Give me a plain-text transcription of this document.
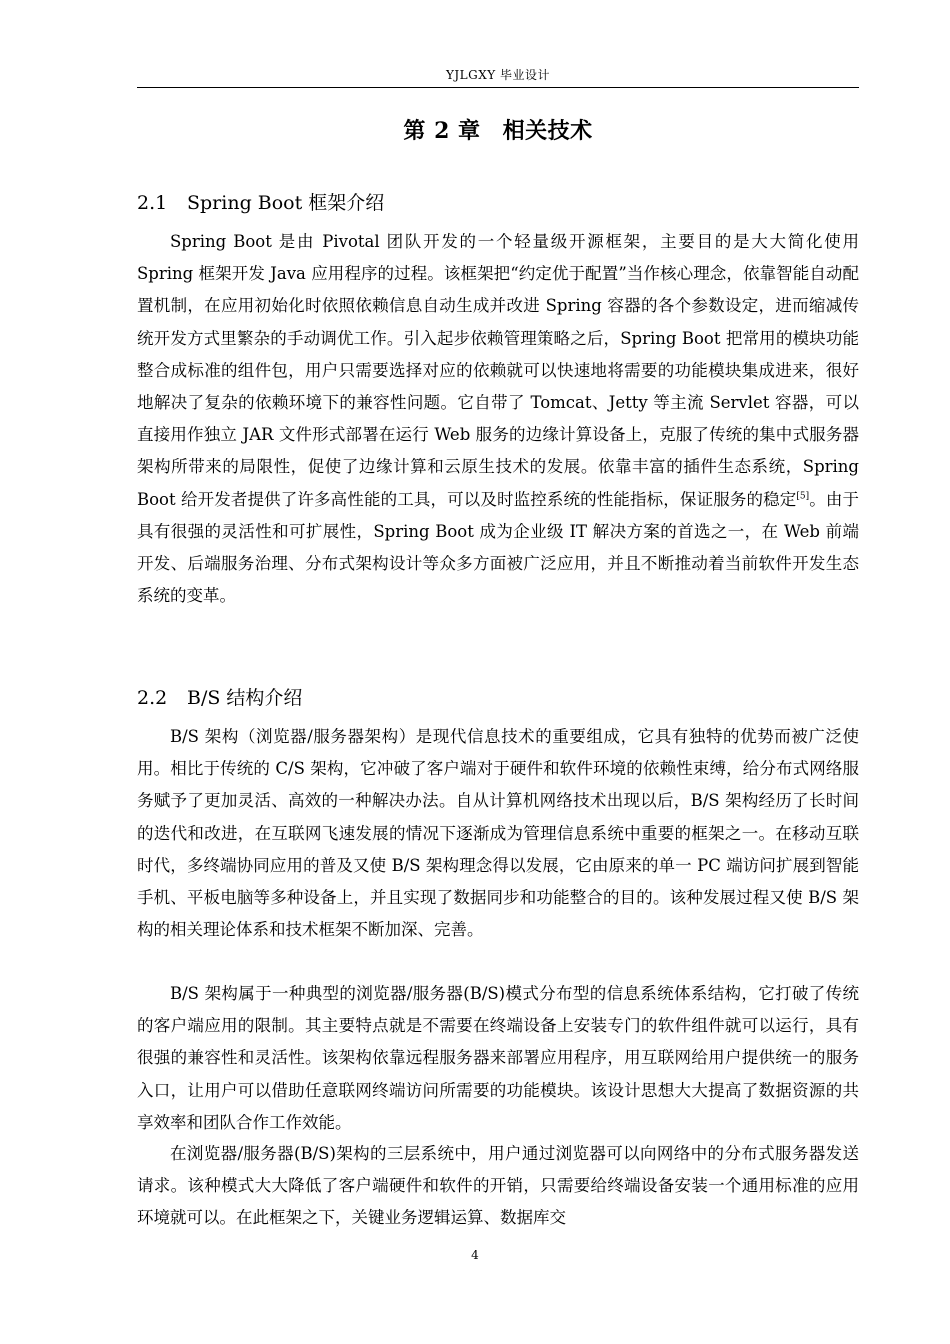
YJLGXY 毕业设计
第 2 章 相关技术
2.1 Spring Boot 框架介绍

Spring Boot 是由 Pivotal 团队开发的一个轻量级开源框架，主要目的是大大简化使用 Spring 框架开发 Java 应用程序的过程。该框架把“约定优于配置”当作核心理念，依靠智能自动配置机制，在应用初始化时依照依赖信息自动生成并改进 Spring 容器的各个参数设定，进而缩减传统开发方式里繁杂的手动调优工作。引入起步依赖管理策略之后，Spring Boot 把常用的模块功能整合成标准的组件包，用户只需要选择对应的依赖就可以快速地将需要的功能模块集成进来，很好地解决了复杂的依赖环境下的兼容性问题。它自带了 Tomcat、Jetty 等主流 Servlet 容器，可以直接用作独立 JAR 文件形式部署在运行 Web 服务的边缘计算设备上，克服了传统的集中式服务器架构所带来的局限性，促使了边缘计算和云原生技术的发展。依靠丰富的插件生态系统，Spring Boot 给开发者提供了许多高性能的工具，可以及时监控系统的性能指标，保证服务的稳定[5]。由于具有很强的灵活性和可扩展性，Spring Boot 成为企业级 IT 解决方案的首选之一，在 Web 前端开发、后端服务治理、分布式架构设计等众多方面被广泛应用，并且不断推动着当前软件开发生态系统的变革。

2.2 B/S 结构介绍

B/S 架构（浏览器/服务器架构）是现代信息技术的重要组成，它具有独特的优势而被广泛使用。相比于传统的 C/S 架构，它冲破了客户端对于硬件和软件环境的依赖性束缚，给分布式网络服务赋予了更加灵活、高效的一种解决办法。自从计算机网络技术出现以后，B/S 架构经历了长时间的迭代和改进，在互联网飞速发展的情况下逐渐成为管理信息系统中重要的框架之一。在移动互联时代，多终端协同应用的普及又使 B/S 架构理念得以发展，它由原来的单一 PC 端访问扩展到智能手机、平板电脑等多种设备上，并且实现了数据同步和功能整合的目的。该种发展过程又使 B/S 架构的相关理论体系和技术框架不断加深、完善。

B/S 架构属于一种典型的浏览器/服务器(B/S)模式分布型的信息系统体系结构，它打破了传统的客户端应用的限制。其主要特点就是不需要在终端设备上安装专门的软件组件就可以运行，具有很强的兼容性和灵活性。该架构依靠远程服务器来部署应用程序，用互联网给用户提供统一的服务入口，让用户可以借助任意联网终端访问所需要的功能模块。该设计思想大大提高了数据资源的共享效率和团队合作工作效能。

在浏览器/服务器(B/S)架构的三层系统中，用户通过浏览器可以向网络中的分布式服务器发送请求。该种模式大大降低了客户端硬件和软件的开销，只需要给终端设备安装一个通用标准的应用环境就可以。在此框架之下，关键业务逻辑运算、数据库交

4
